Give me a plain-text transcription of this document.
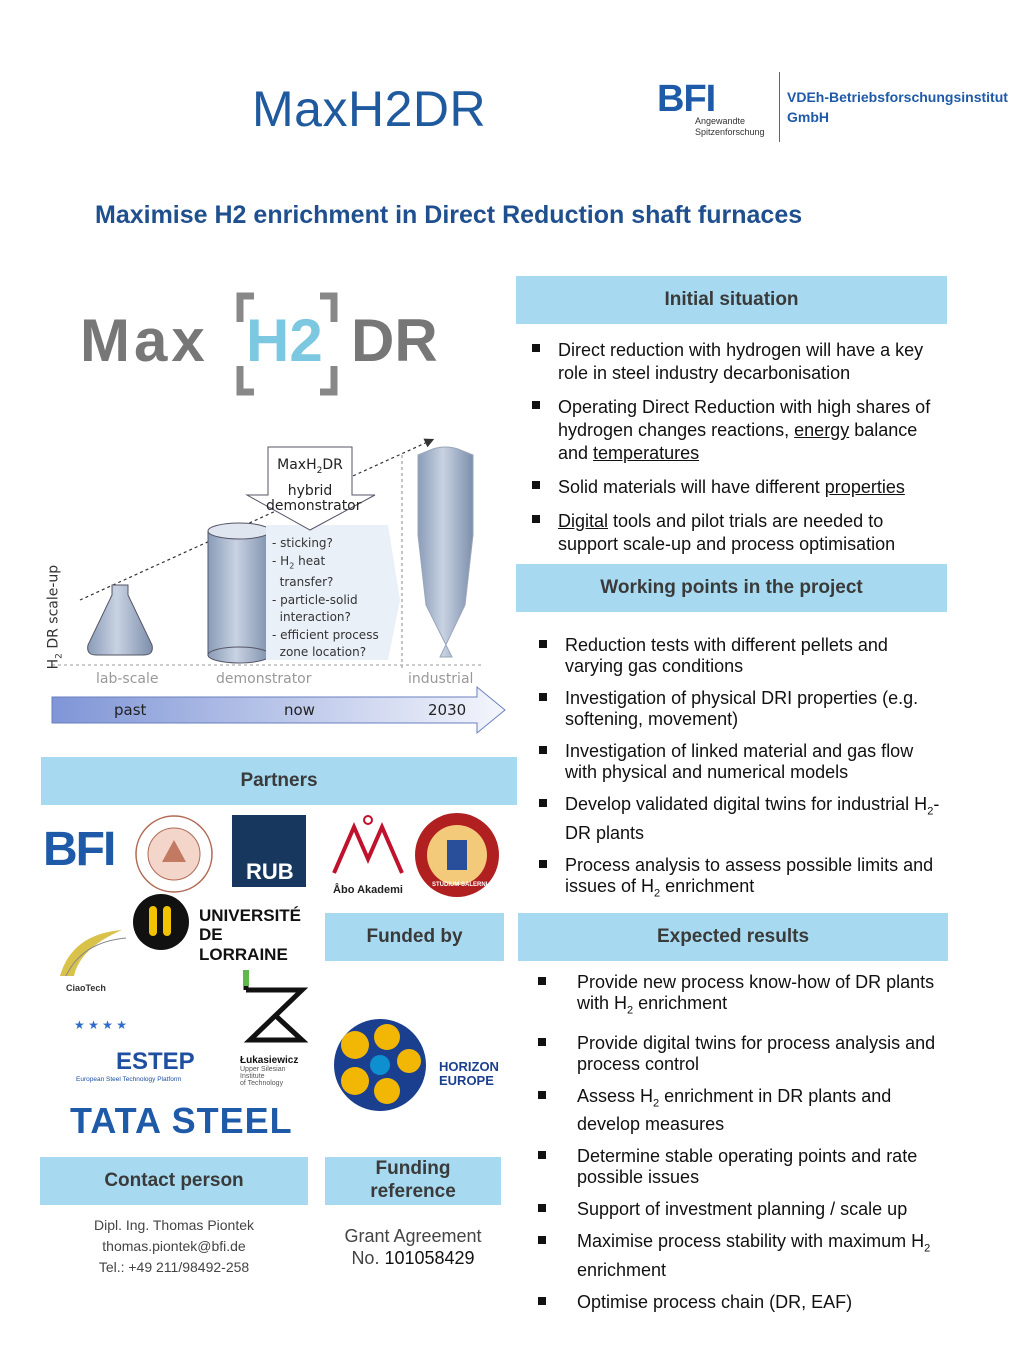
MaxH2DR	BFI
Angewandte
Spitzenforschung
VDEh-Betriebsforschungsinstitut
GmbH
Maximise H2 enrichment in Direct Reduction shaft furnaces
Max H2 DR
MaxH$_2$DR
hybrid

demonstrator
- sticking?
- $H_2$ heat
transfer?
- particle-solid
interaction?
- efficient process
zone location?
$H_2$ DR scale-up
lab-scale	demonstrator	industrial
past	now	2030
Initial situation
Direct reduction with hydrogen will have a key role in steel industry decarbonisation
Operating Direct Reduction with high shares of hydrogen changes reactions, energy balance and temperatures
Solid materials will have different properties
Digital tools and pilot trials are needed to support scale-up and process optimisation
Working points in the project
Reduction tests with different pellets and varying gas conditions
Investigation of physical DRI properties (e.g. softening, movement)
Investigation of linked material and gas flow with physical and numerical models
Develop validated digital twins for industrial $H_2-DR$ plants
Process analysis to assess possible limits and issues of $H_2$ enrichment
Partners
BFI	RUB
Åbo Akademi	STUDIUM SALERNI
UNIVERSITÉ
DE LORRAINE
CiaoTech
★ ★ ★ ★
ESTEP
European Steel Technology Platform
Łukasiewicz
Upper Silesian
Institute
of Technology
TATA STEEL
Funded by
HORIZON
EUROPE
Expected results
Provide new process know-how of DR plants with $H_2$ enrichment
Provide digital twins for process analysis and process control
Assess $H_2$ enrichment in DR plants and develop measures
Determine stable operating points and rate possible issues
Support of investment planning / scale up
Maximise process stability with maximum $H_2$ enrichment
Optimise process chain (DR, EAF)
Contact person
Dipl. Ing. Thomas Piontek
thomas.piontek@bfi.de
Tel.: +49 211/98492-258
Funding reference
Grant Agreement
No. 101058429
